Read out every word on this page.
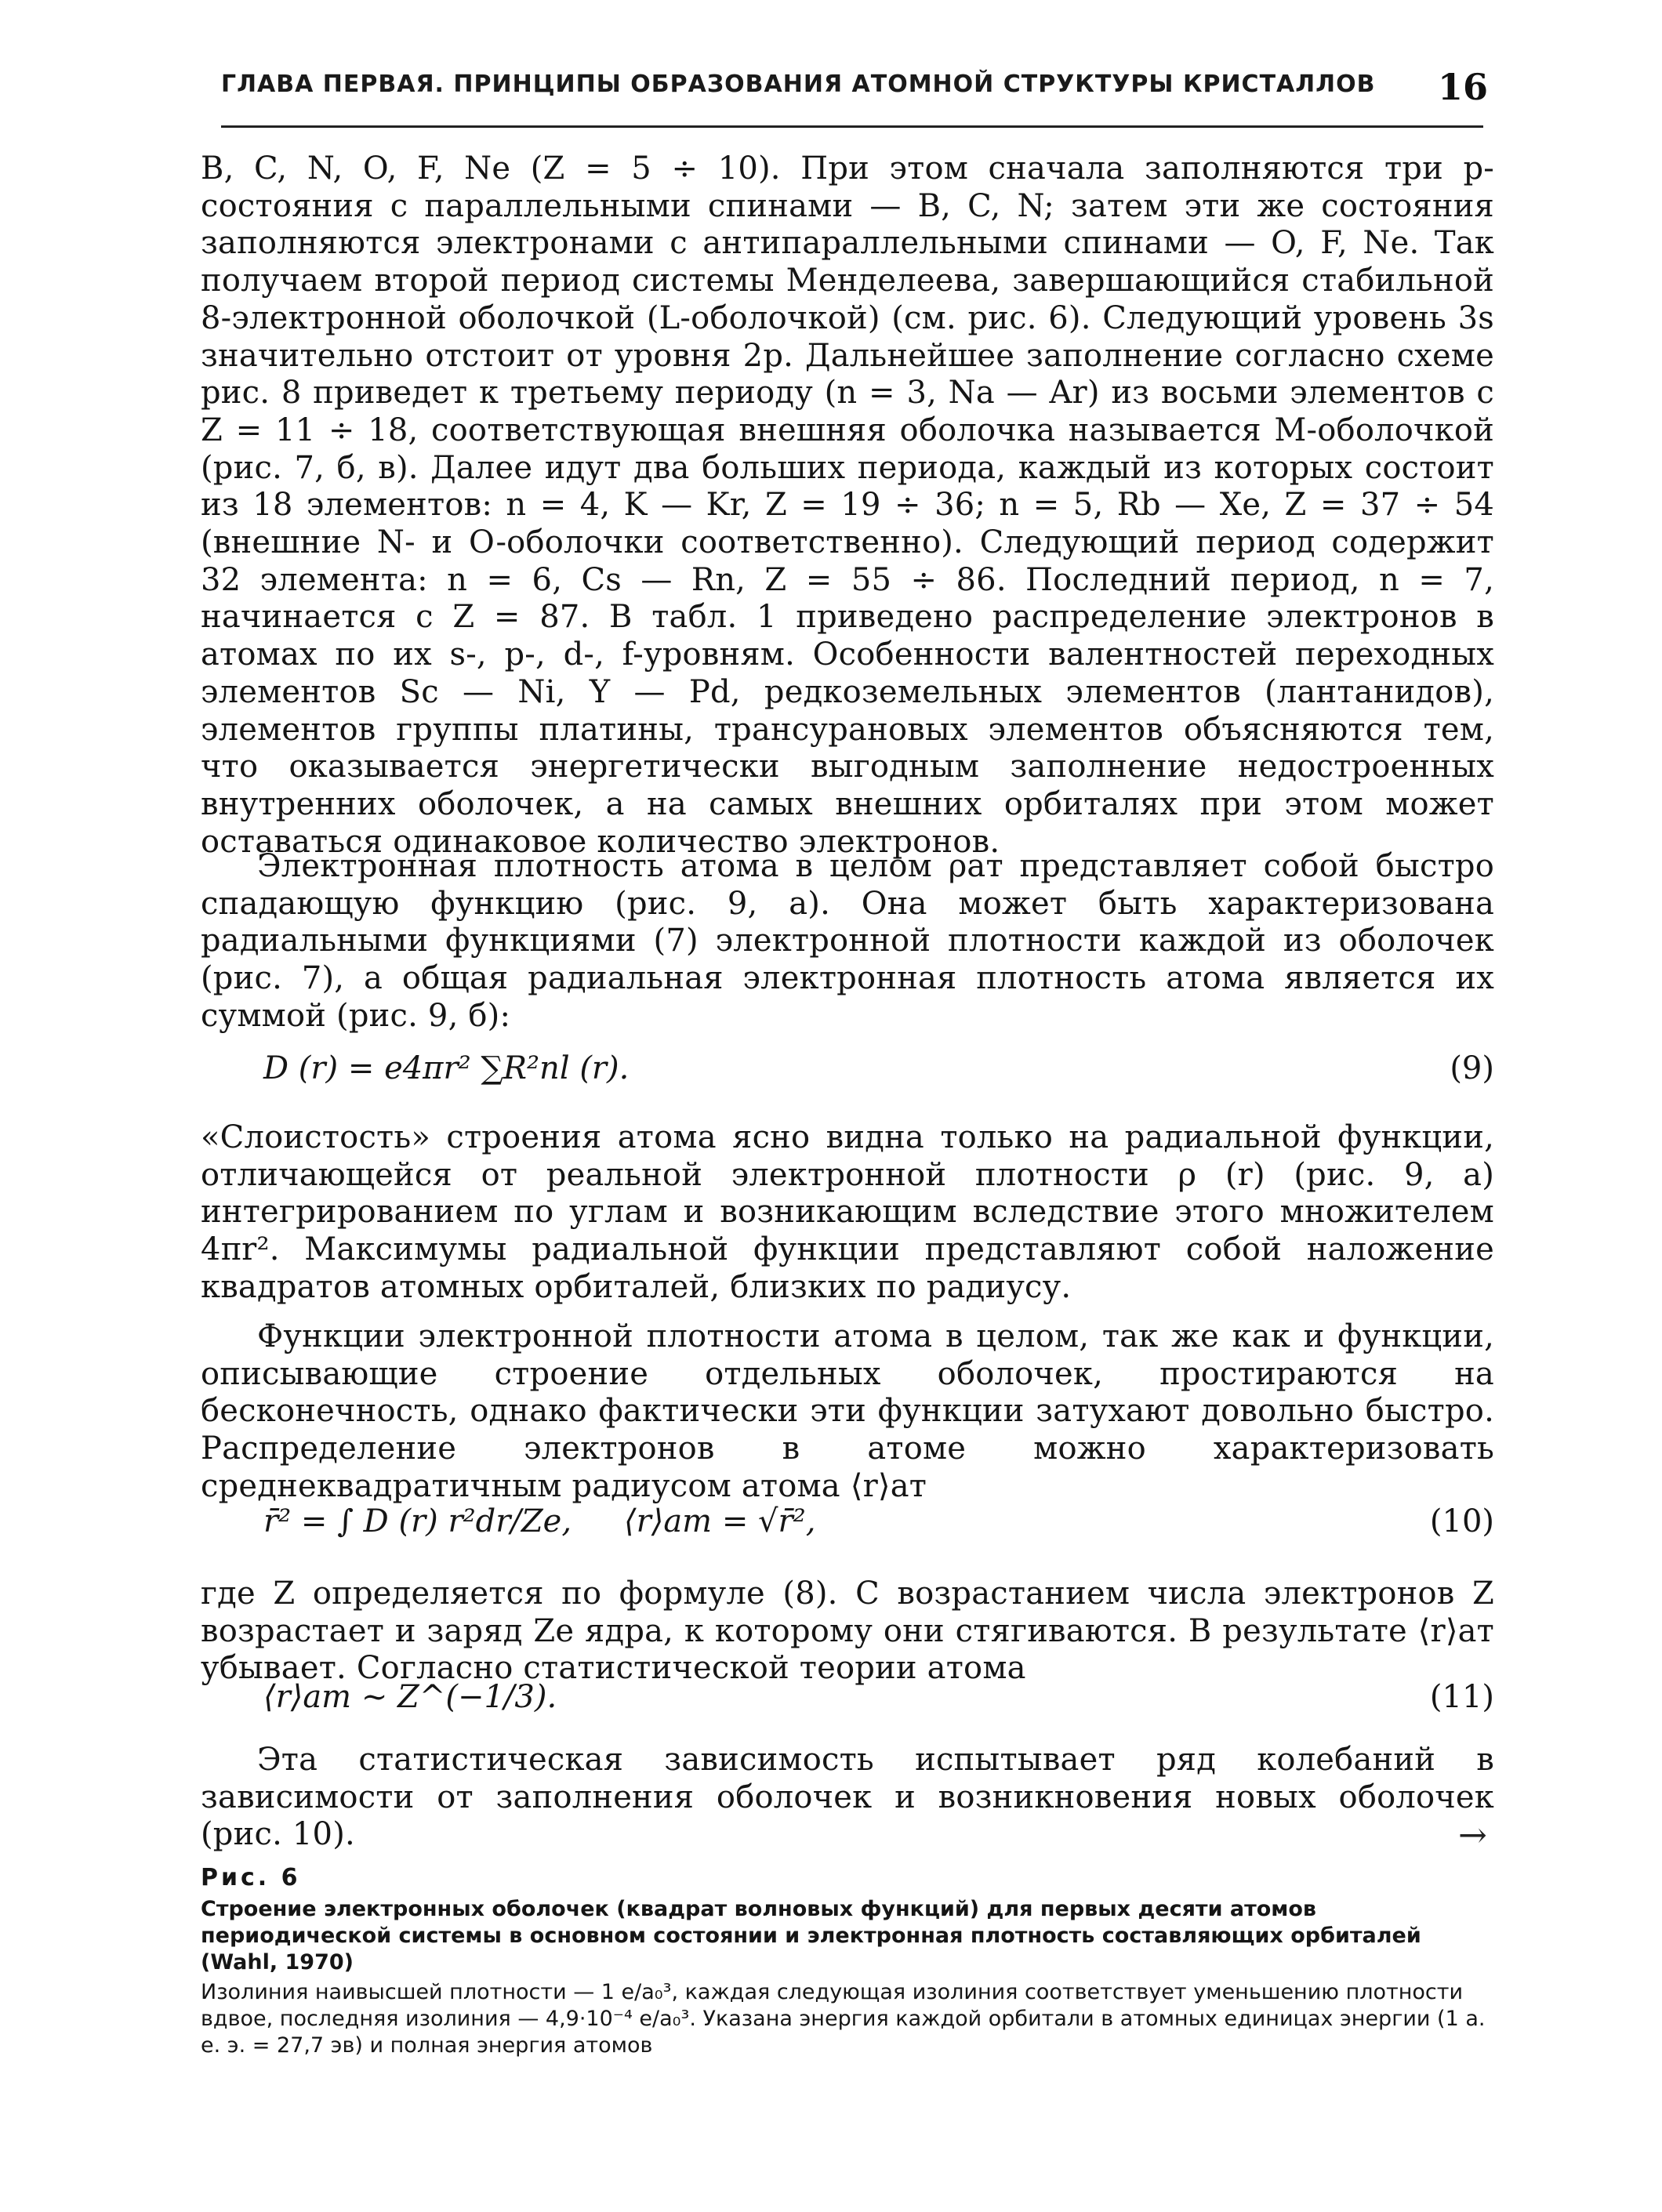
ГЛАВА ПЕРВАЯ. ПРИНЦИПЫ ОБРАЗОВАНИЯ АТОМНОЙ СТРУКТУРЫ КРИСТАЛЛОВ	16

B, C, N, O, F, Ne (Z = 5 ÷ 10). При этом сначала заполняются три p-состояния с параллельными спинами — B, C, N; затем эти же состояния заполняются электронами с антипараллельными спинами — O, F, Ne. Так получаем второй период системы Менделеева, завершающийся стабильной 8-электронной оболочкой (L-оболочкой) (см. рис. 6). Следующий уровень 3s значительно отстоит от уровня 2p. Дальнейшее заполнение согласно схеме рис. 8 приведет к третьему периоду (n = 3, Na — Ar) из восьми элементов с Z = 11 ÷ 18, соответствующая внешняя оболочка называется M-оболочкой (рис. 7, б, в). Далее идут два больших периода, каждый из которых состоит из 18 элементов: n = 4, K — Kr, Z = 19 ÷ 36; n = 5, Rb — Xe, Z = 37 ÷ 54 (внешние N- и O-оболочки соответственно). Следующий период содержит 32 элемента: n = 6, Cs — Rn, Z = 55 ÷ 86. Последний период, n = 7, начинается с Z = 87. В табл. 1 приведено распределение электронов в атомах по их s-, p-, d-, f-уровням. Особенности валентностей переходных элементов Sc — Ni, Y — Pd, редкоземельных элементов (лантанидов), элементов группы платины, трансурановых элементов объясняются тем, что оказывается энергетически выгодным заполнение недостроенных внутренних оболочек, а на самых внешних орбиталях при этом может оставаться одинаковое количество электронов.

Электронная плотность атома в целом ρат представляет собой быстро спадающую функцию (рис. 9, а). Она может быть характеризована радиальными функциями (7) электронной плотности каждой из оболочек (рис. 7), а общая радиальная электронная плотность атома является их суммой (рис. 9, б):

D (r) = e4πr² ∑R²nl (r).	(9)

«Слоистость» строения атома ясно видна только на радиальной функции, отличающейся от реальной электронной плотности ρ (r) (рис. 9, а) интегрированием по углам и возникающим вследствие этого множителем 4πr². Максимумы радиальной функции представляют собой наложение квадратов атомных орбиталей, близких по радиусу.

Функции электронной плотности атома в целом, так же как и функции, описывающие строение отдельных оболочек, простираются на бесконечность, однако фактически эти функции затухают довольно быстро. Распределение электронов в атоме можно характеризовать среднеквадратичным радиусом атома ⟨r⟩ат

r̄² = ∫ D (r) r²dr/Ze, ⟨r⟩ат = √r̄²,	(10)

где Z определяется по формуле (8). С возрастанием числа электронов Z возрастает и заряд Ze ядра, к которому они стягиваются. В результате ⟨r⟩ат убывает. Согласно статистической теории атома

⟨r⟩ат ~ Z^(−1/3).	(11)

Эта статистическая зависимость испытывает ряд колебаний в зависимости от заполнения оболочек и возникновения новых оболочек (рис. 10).	→
Рис. 6
Строение электронных оболочек (квадрат волновых функций) для первых десяти атомов периодической системы в основном состоянии и электронная плотность составляющих орбиталей (Wahl, 1970)
Изолиния наивысшей плотности — 1 e/a₀³, каждая следующая изолиния соответствует уменьшению плотности вдвое, последняя изолиния — 4,9·10⁻⁴ e/a₀³. Указана энергия каждой орбитали в атомных единицах энергии (1 а. е. э. = 27,7 эв) и полная энергия атомов
